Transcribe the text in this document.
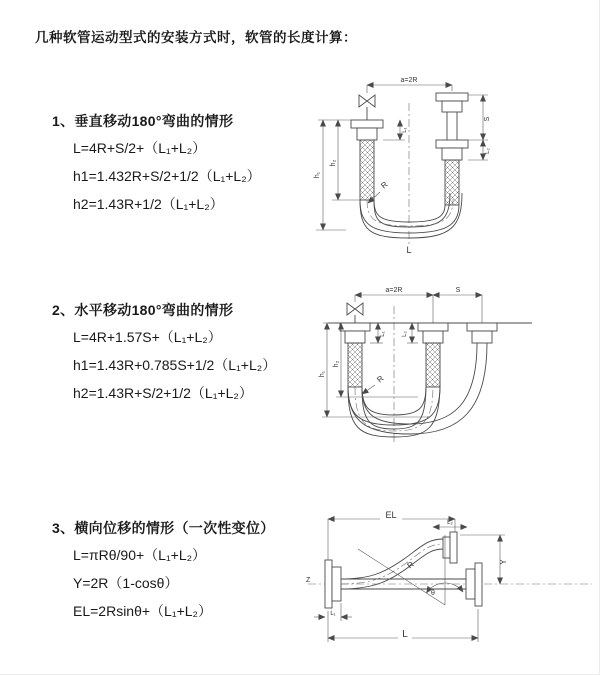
几种软管运动型式的安装方式时，软管的长度计算：
1、垂直移动180°弯曲的情形
L=4R+S/2+（L₁+L₂）
h1=1.432R+S/2+1/2（L₁+L₂）
h2=1.43R+1/2（L₁+L₂）
2、水平移动180°弯曲的情形
L=4R+1.57S+（L₁+L₂）
h1=1.43R+0.785S+1/2（L₁+L₂）
h2=1.43R+S/2+1/2（L₁+L₂）
3、横向位移的情形（一次性变位）
L=πRθ/90+（L₁+L₂）
Y=2R（1-cosθ）
EL=2Rsinθ+（L₁+L₂）
a=2R
h₁
h₂
L₁
S
L₂
R
L
a=2R	S
h₁
h₂
L₁	L₂
R
Z
θ
R
EL
L₂
Y
L
L₁
